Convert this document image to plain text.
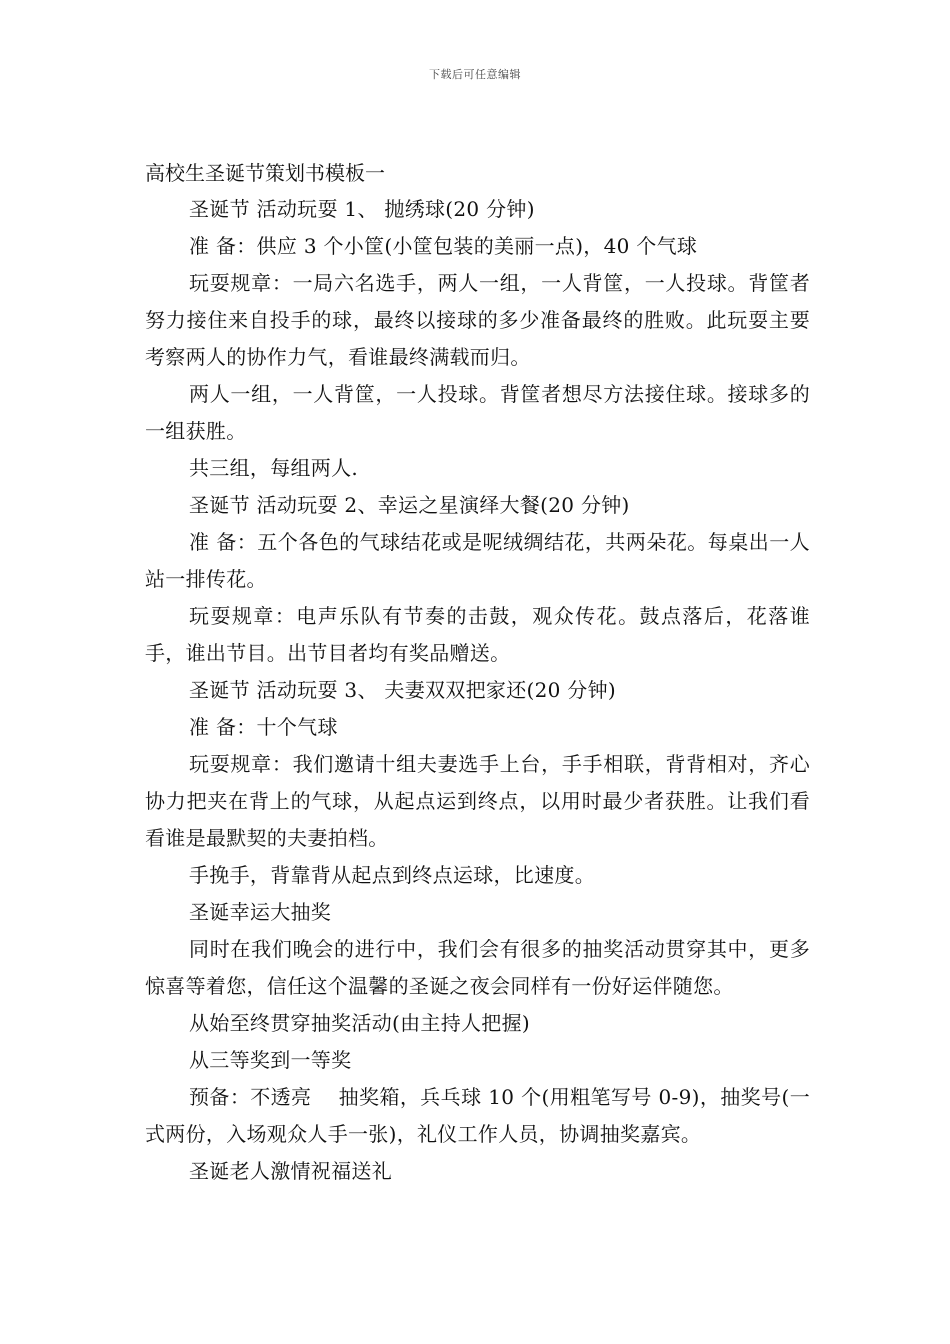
下载后可任意编辑

高校生圣诞节策划书模板一

圣诞节 活动玩耍 1、 抛绣球(20 分钟)

准 备：供应 3 个小筐(小筐包装的美丽一点)，40 个气球

玩耍规章：一局六名选手，两人一组，一人背筐，一人投球。背筐者努力接住来自投手的球，最终以接球的多少准备最终的胜败。此玩耍主要考察两人的协作力气，看谁最终满载而归。

两人一组，一人背筐，一人投球。背筐者想尽方法接住球。接球多的一组获胜。

共三组，每组两人.

圣诞节 活动玩耍 2、幸运之星演绎大餐(20 分钟)

准 备：五个各色的气球结花或是呢绒绸结花，共两朵花。每桌出一人站一排传花。

玩耍规章：电声乐队有节奏的击鼓，观众传花。鼓点落后，花落谁手，谁出节目。出节目者均有奖品赠送。

圣诞节 活动玩耍 3、 夫妻双双把家还(20 分钟)

准 备：十个气球

玩耍规章：我们邀请十组夫妻选手上台，手手相联，背背相对，齐心协力把夹在背上的气球，从起点运到终点，以用时最少者获胜。让我们看看谁是最默契的夫妻拍档。

手挽手，背靠背从起点到终点运球，比速度。

圣诞幸运大抽奖

同时在我们晚会的进行中，我们会有很多的抽奖活动贯穿其中，更多惊喜等着您，信任这个温馨的圣诞之夜会同样有一份好运伴随您。

从始至终贯穿抽奖活动(由主持人把握)

从三等奖到一等奖

预备：不透亮 　抽奖箱，兵乓球 10 个(用粗笔写号 0-9)，抽奖号(一式两份，入场观众人手一张)，礼仪工作人员，协调抽奖嘉宾。

圣诞老人激情祝福送礼
